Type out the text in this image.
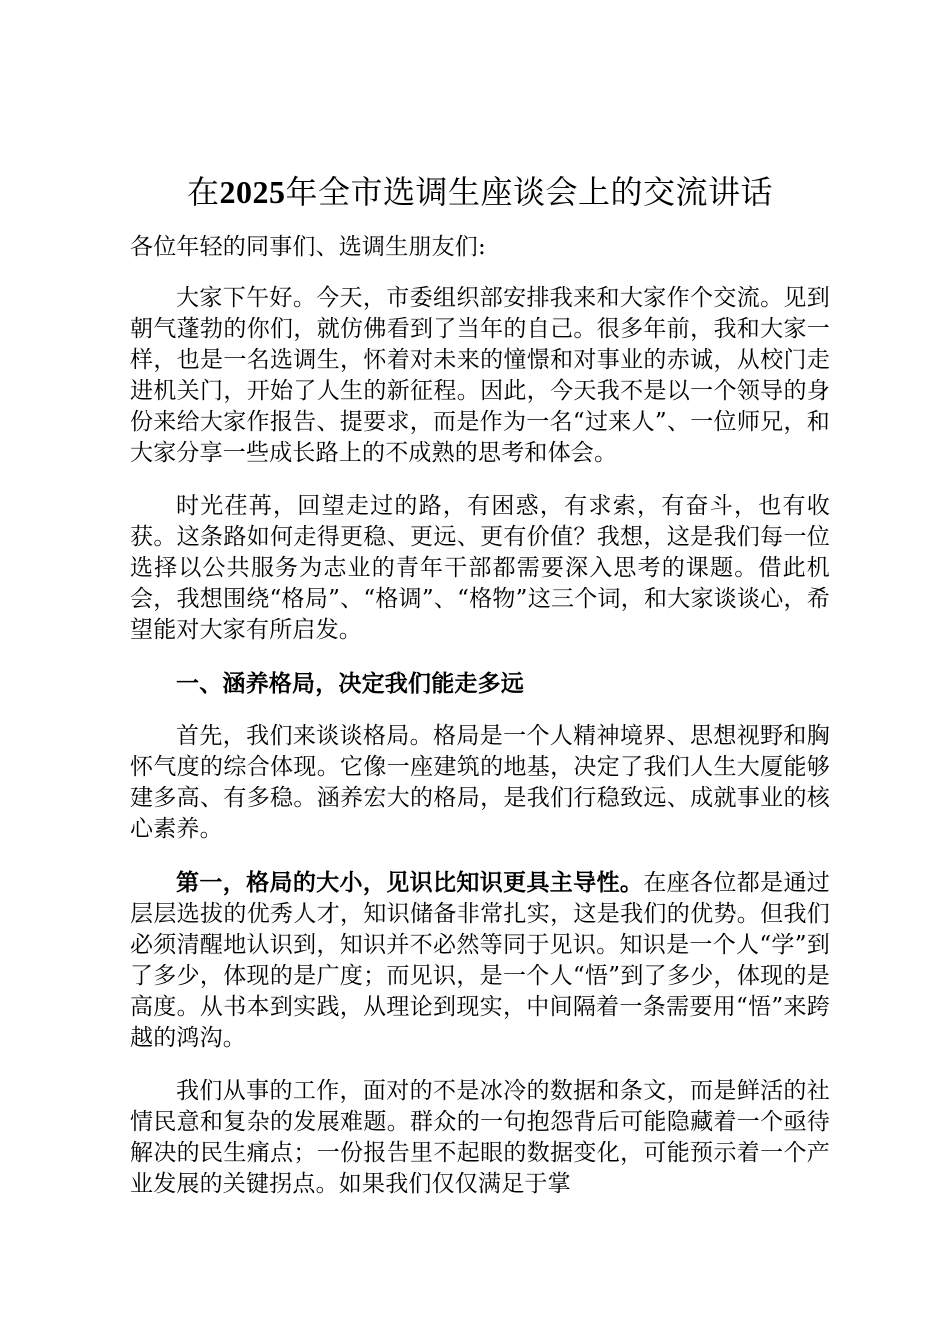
在2025年全市选调生座谈会上的交流讲话

各位年轻的同事们、选调生朋友们:

大家下午好。今天，市委组织部安排我来和大家作个交流。见到朝气蓬勃的你们，就仿佛看到了当年的自己。很多年前，我和大家一样，也是一名选调生，怀着对未来的憧憬和对事业的赤诚，从校门走进机关门，开始了人生的新征程。因此，今天我不是以一个领导的身份来给大家作报告、提要求，而是作为一名“过来人”、一位师兄，和大家分享一些成长路上的不成熟的思考和体会。

时光荏苒，回望走过的路，有困惑，有求索，有奋斗，也有收获。这条路如何走得更稳、更远、更有价值？我想，这是我们每一位选择以公共服务为志业的青年干部都需要深入思考的课题。借此机会，我想围绕“格局”、“格调”、“格物”这三个词，和大家谈谈心，希望能对大家有所启发。

一、涵养格局，决定我们能走多远

首先，我们来谈谈格局。格局是一个人精神境界、思想视野和胸怀气度的综合体现。它像一座建筑的地基，决定了我们人生大厦能够建多高、有多稳。涵养宏大的格局，是我们行稳致远、成就事业的核心素养。

第一，格局的大小，见识比知识更具主导性。在座各位都是通过层层选拔的优秀人才，知识储备非常扎实，这是我们的优势。但我们必须清醒地认识到，知识并不必然等同于见识。知识是一个人“学”到了多少，体现的是广度；而见识，是一个人“悟”到了多少，体现的是高度。从书本到实践，从理论到现实，中间隔着一条需要用“悟”来跨越的鸿沟。

我们从事的工作，面对的不是冰冷的数据和条文，而是鲜活的社情民意和复杂的发展难题。群众的一句抱怨背后可能隐藏着一个亟待解决的民生痛点；一份报告里不起眼的数据变化，可能预示着一个产业发展的关键拐点。如果我们仅仅满足于掌
